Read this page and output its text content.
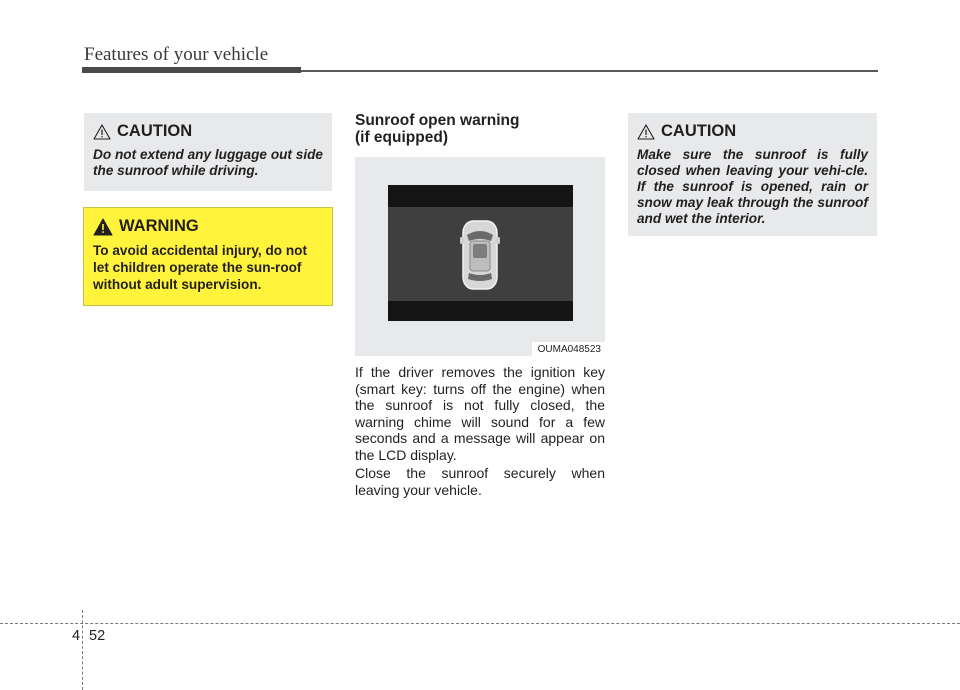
Features of your vehicle
CAUTION
Do not extend any luggage out side the sunroof while driving.
WARNING
To avoid accidental injury, do not let children operate the sun-roof without adult supervision.
Sunroof open warning
(if equipped)
OUMA048523
If the driver removes the ignition key (smart key: turns off the engine) when the sunroof is not fully closed, the warning chime will sound for a few seconds and a message will appear on the LCD display.
Close the sunroof securely when leaving your vehicle.
CAUTION
Make sure the sunroof is fully closed when leaving your vehi-cle. If the sunroof is opened, rain or snow may leak through the sunroof and wet the interior.
4 52
